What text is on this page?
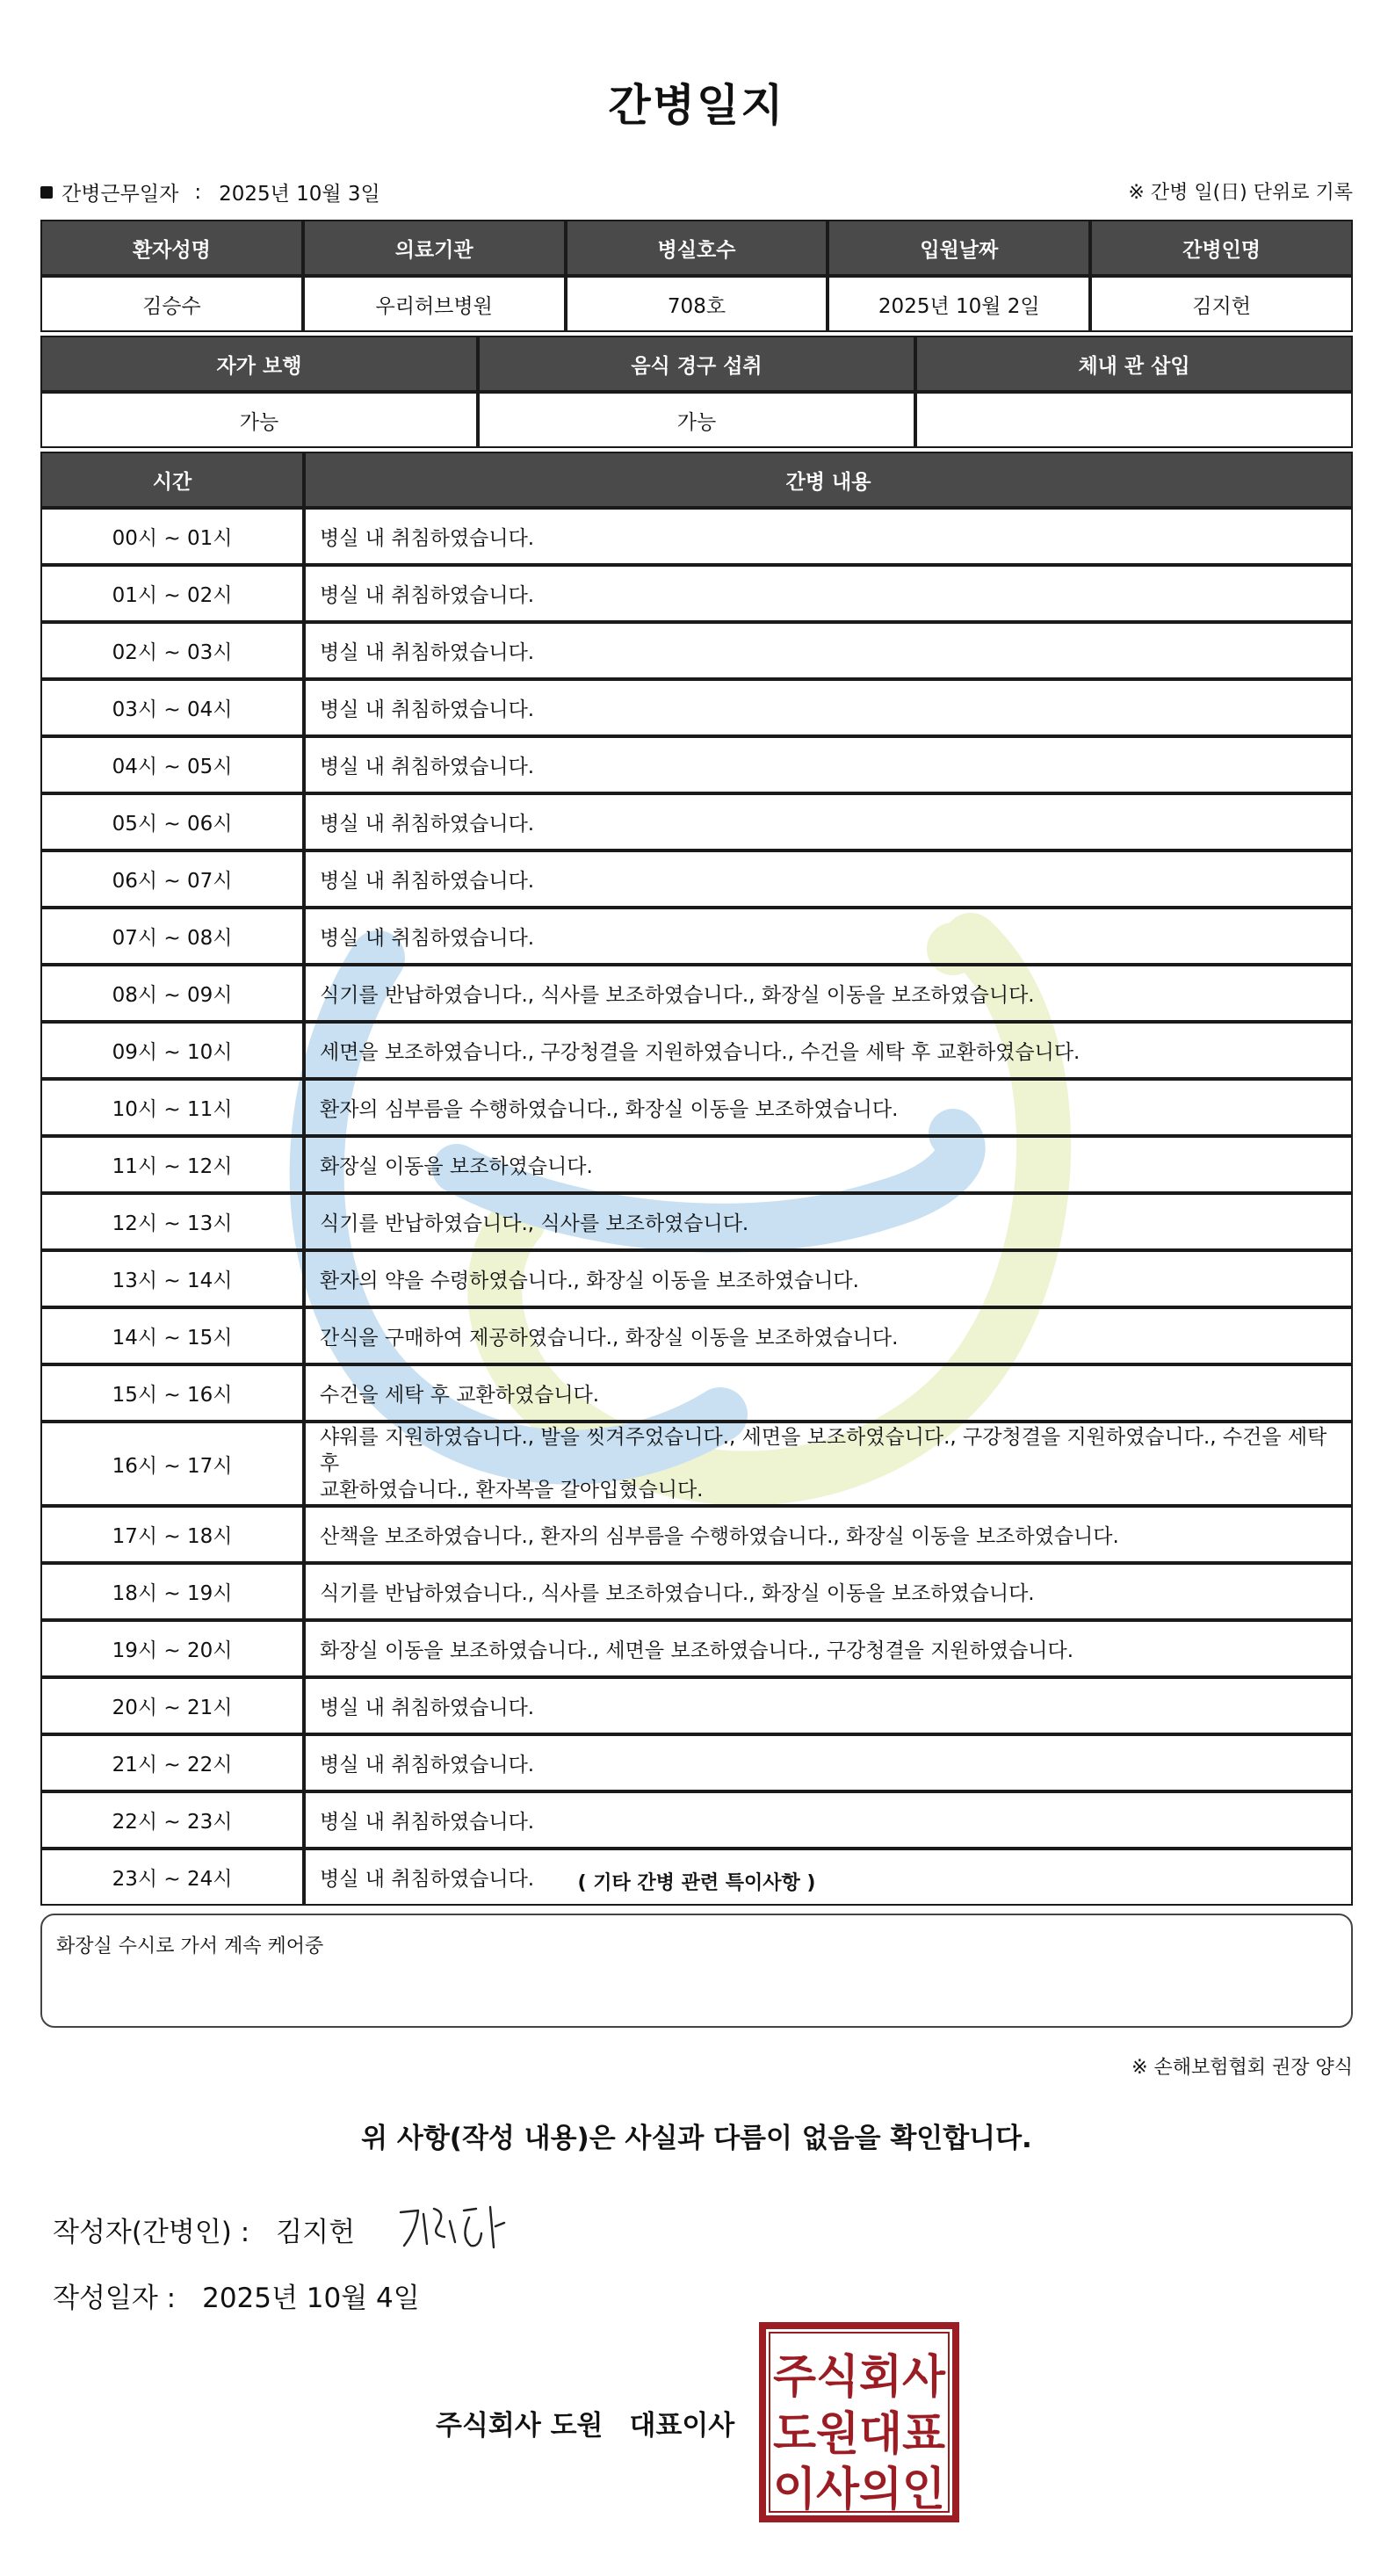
간병일지
간병근무일자 : 2025년 10월 3일	※ 간병 일(日) 단위로 기록
환자성명	의료기관	병실호수	입원날짜	간병인명
김승수	우리허브병원	708호	2025년 10월 2일	김지헌
자가 보행	음식 경구 섭취	체내 관 삽입
가능	가능	
시간	간병 내용
00시 ~ 01시	병실 내 취침하였습니다.
01시 ~ 02시	병실 내 취침하였습니다.
02시 ~ 03시	병실 내 취침하였습니다.
03시 ~ 04시	병실 내 취침하였습니다.
04시 ~ 05시	병실 내 취침하였습니다.
05시 ~ 06시	병실 내 취침하였습니다.
06시 ~ 07시	병실 내 취침하였습니다.
07시 ~ 08시	병실 내 취침하였습니다.
08시 ~ 09시	식기를 반납하였습니다., 식사를 보조하였습니다., 화장실 이동을 보조하였습니다.
09시 ~ 10시	세면을 보조하였습니다., 구강청결을 지원하였습니다., 수건을 세탁 후 교환하였습니다.
10시 ~ 11시	환자의 심부름을 수행하였습니다., 화장실 이동을 보조하였습니다.
11시 ~ 12시	화장실 이동을 보조하였습니다.
12시 ~ 13시	식기를 반납하였습니다., 식사를 보조하였습니다.
13시 ~ 14시	환자의 약을 수령하였습니다., 화장실 이동을 보조하였습니다.
14시 ~ 15시	간식을 구매하여 제공하였습니다., 화장실 이동을 보조하였습니다.
15시 ~ 16시	수건을 세탁 후 교환하였습니다.
16시 ~ 17시	샤워를 지원하였습니다., 발을 씻겨주었습니다., 세면을 보조하였습니다., 구강청결을 지원하였습니다., 수건을 세탁 후
교환하였습니다., 환자복을 갈아입혔습니다.

17시 ~ 18시	산책을 보조하였습니다., 환자의 심부름을 수행하였습니다., 화장실 이동을 보조하였습니다.
18시 ~ 19시	식기를 반납하였습니다., 식사를 보조하였습니다., 화장실 이동을 보조하였습니다.
19시 ~ 20시	화장실 이동을 보조하였습니다., 세면을 보조하였습니다., 구강청결을 지원하였습니다.
20시 ~ 21시	병실 내 취침하였습니다.
21시 ~ 22시	병실 내 취침하였습니다.
22시 ~ 23시	병실 내 취침하였습니다.
23시 ~ 24시	병실 내 취침하였습니다.	( 기타 간병 관련 특이사항 )
화장실 수시로 가서 계속 케어중
※ 손해보험협회 권장 양식
위 사항(작성 내용)은 사실과 다름이 없음을 확인합니다.
작성자(간병인) : 김지헌
작성일자 : 2025년 10월 4일
주식회사 도원 대표이사
주식회사
도원대표
이사의인
